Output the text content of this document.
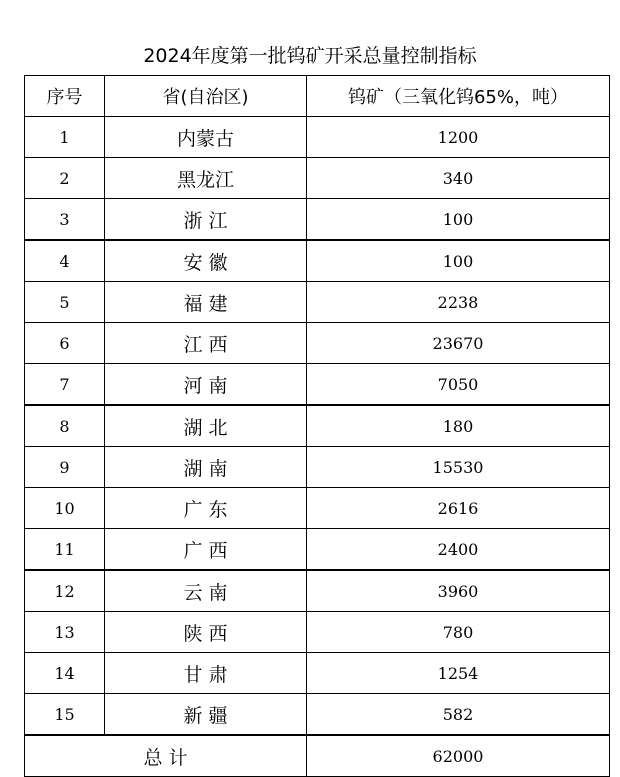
2024年度第一批钨矿开采总量控制指标
序号	省(自治区)	钨矿（三氧化钨65%，吨）
1	内蒙古	1200
2	黑龙江	340
3	浙 江	100
4	安 徽	100
5	福 建	2238
6	江 西	23670
7	河 南	7050
8	湖 北	180
9	湖 南	15530
10	广 东	2616
11	广 西	2400
12	云 南	3960
13	陕 西	780
14	甘 肃	1254
15	新 疆	582
总 计		62000
